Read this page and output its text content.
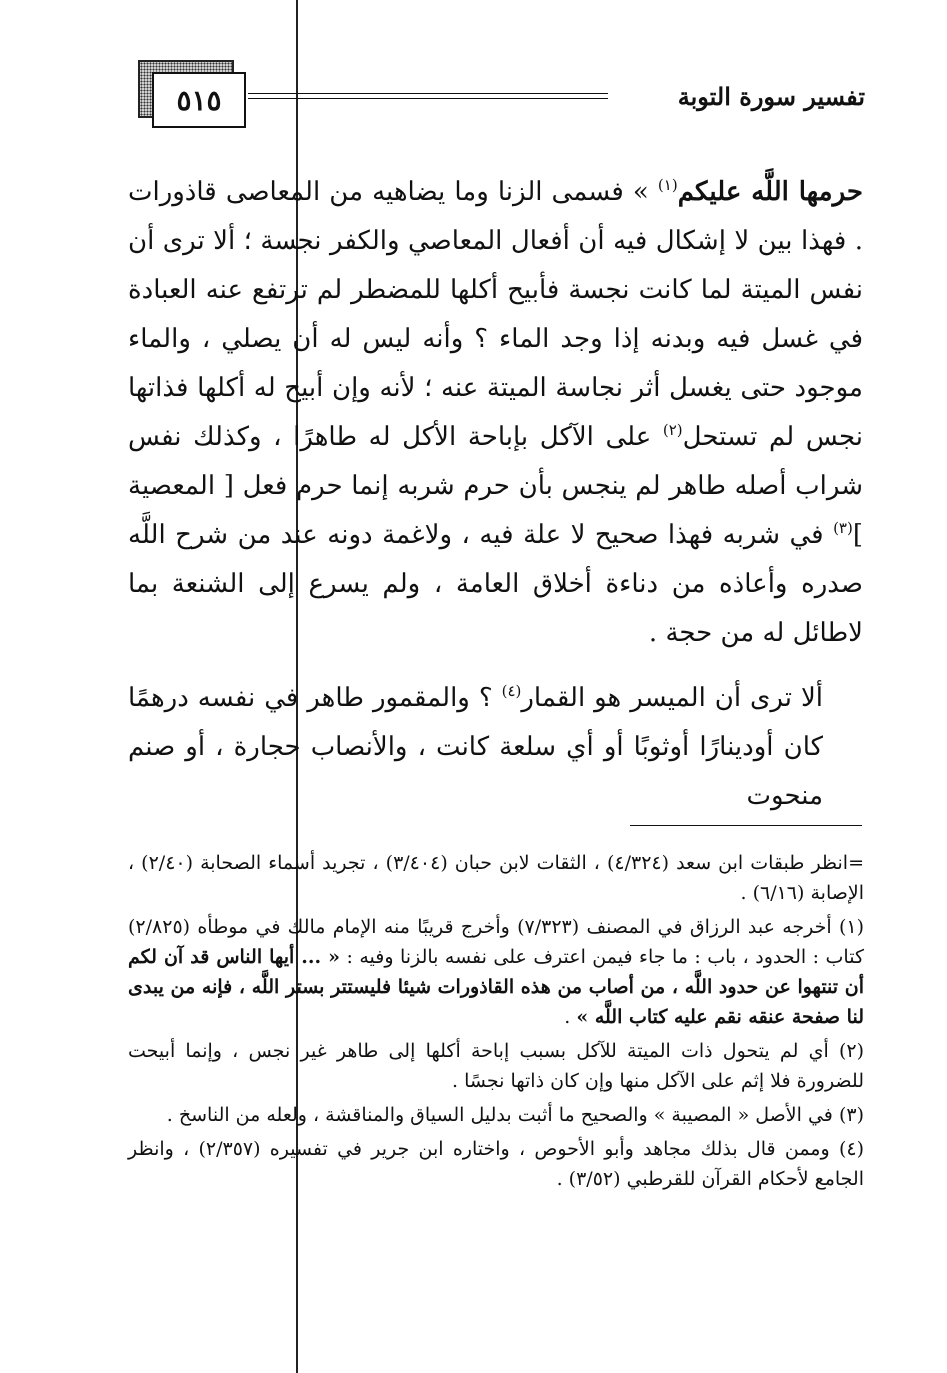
٥١٥	تفسير سورة التوبة

حرمها اللَّه عليكم$^{(١)}$ » فسمى الزنا وما يضاهيه من المعاصى قاذورات . فهذا بين لا إشكال فيه أن أفعال المعاصي والكفر نجسة ؛ ألا ترى أن نفس الميتة لما كانت نجسة فأبيح أكلها للمضطر لم ترتفع عنه العبادة في غسل فيه وبدنه إذا وجد الماء ؟ وأنه ليس له أن يصلي ، والماء موجود حتى يغسل أثر نجاسة الميتة عنه ؛ لأنه وإن أبيح له أكلها فذاتها نجس لم تستحل$^{(٢)}$ على الآكل بإباحة الأكل له طاهرًا ، وكذلك نفس شراب أصله طاهر لم ينجس بأن حرم شربه إنما حرم فعل [ المعصية ]$^{(٣)}$ في شربه فهذا صحيح لا علة فيه ، ولاغمة دونه عند من شرح اللَّه صدره وأعاذه من دناءة أخلاق العامة ، ولم يسرع إلى الشنعة بما لاطائل له من حجة .

ألا ترى أن الميسر هو القمار$^{(٤)}$ ؟ والمقمور طاهر في نفسه درهمًا كان أودينارًا أوثوبًا أو أي سلعة كانت ، والأنصاب حجارة ، أو صنم منحوت

=انظر طبقات ابن سعد (٤/٣٢٤) ، الثقات لابن حبان (٣/٤٠٤) ، تجريد أسماء الصحابة (٢/٤٠) ، الإصابة (٦/١٦) .

(١) أخرجه عبد الرزاق في المصنف (٧/٣٢٣) وأخرج قريبًا منه الإمام مالك في موطأه (٢/٨٢٥) كتاب : الحدود ، باب : ما جاء فيمن اعترف على نفسه بالزنا وفيه : « ... أيها الناس قد آن لكم أن تنتهوا عن حدود اللَّه ، من أصاب من هذه القاذورات شيئا فليستتر بستر اللَّه ، فإنه من يبدى لنا صفحة عنقه نقم عليه كتاب اللَّه » .

(٢) أي لم يتحول ذات الميتة للآكل بسبب إباحة أكلها إلى طاهر غير نجس ، وإنما أبيحت للضرورة فلا إثم على الآكل منها وإن كان ذاتها نجسًا .

(٣) في الأصل « المصيبة » والصحيح ما أثبت بدليل السياق والمناقشة ، ولعله من الناسخ .

(٤) وممن قال بذلك مجاهد وأبو الأحوص ، واختاره ابن جرير في تفسيره (٢/٣٥٧) ، وانظر الجامع لأحكام القرآن للقرطبي (٣/٥٢) .
